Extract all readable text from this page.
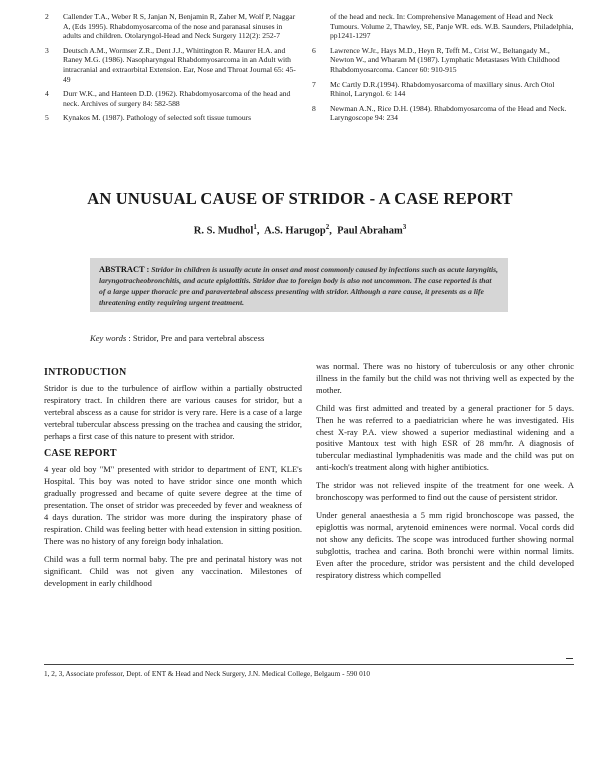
2 Callender T.A., Weber R S, Janjan N, Benjamin R, Zaher M, Wolf P, Naggar A, (Eds 1995). Rhabdomyosarcoma of the nose and paranasal sinuses in adults and children. Otolaryngol-Head and Neck Surgery 112(2): 252-7
3 Deutsch A.M., Wormser Z.R., Dent J.J., Whittington R. Maurer H.A. and Raney M.G. (1986). Nasopharyngeal Rhabdomyosarcoma in an Adult with intracranial and extraorbital Extension. Ear, Nose and Throat Journal 65: 45-49
4 Durr W.K., and Hanteen D.D. (1962). Rhabdomyosarcoma of the head and neck. Archives of surgery 84: 582-588
5 Kynakos M. (1987). Pathology of selected soft tissue tumours
of the head and neck. In: Comprehensive Management of Head and Neck Tumours. Volume 2, Thawley, SE, Panje WR. eds. W.B. Saunders, Philadelphia, pp1241-1297
6 Lawrence W.Jr., Hays M.D., Heyn R, Tefft M., Crist W., Beltangady M., Newton W., and Wharam M (1987). Lymphatic Metastases With Childhood Rhabdomyosarcoma. Cancer 60: 910-915
7 Mc Cartly D.R.(1994). Rhabdomyosarcoma of maxillary sinus. Arch Otol Rhinol, Laryngol. 6: 144
8 Newman A.N., Rice D.H. (1984). Rhabdomyosarcoma of the Head and Neck. Laryngoscope 94: 234
AN UNUSUAL CAUSE OF STRIDOR - A CASE REPORT
R. S. Mudhol$^1$,  A.S. Harugop$^2$,  Paul Abraham$^3$
ABSTRACT : Stridor in children is usually acute in onset and most commonly caused by infections such as acute laryngitis, laryngotracheobronchitis, and acute epiglottitis. Stridor due to foreign body is also not uncommon. The case reported is that of a large upper thoracic pre and paravertebral abscess presenting with stridor. Although a rare cause, it presents as a life threatening entity requiring urgent treatment.
Key words : Stridor, Pre and para vertebral abscess
INTRODUCTION

Stridor is due to the turbulence of airflow within a partially obstructed respiratory tract. In children there are various causes for stridor, but a vertebral abscess as a cause for stridor is very rare. Here is a case of a large vertebral tubercular abscess pressing on the trachea and causing the stridor, perhaps a first case of this nature to present with stridor.

CASE REPORT

4 year old boy "M" presented with stridor to department of ENT, KLE's Hospital. This boy was noted to have stridor since one month which gradually progressed and became of quite severe degree at the time of presentation. The onset of stridor was preceeded by fever and weakness of 4 days duration. The stridor was more during the inspiratory phase of respiration. Child was feeling better with head extension in sitting position. There was no history of any foreign body inhalation.

Child was a full term normal baby. The pre and perinatal history was not significant. Child was not given any vaccination. Milestones of development in early childhood

was normal. There was no history of tuberculosis or any other chronic illness in the family but the child was not thriving well as expected by the mother.

Child was first admitted and treated by a general practioner for 5 days. Then he was referred to a paediatrician where he was investigated. His chest X-ray P.A. view showed a superior mediastinal widening and a positive Mantoux test with high ESR of 28 mm/hr. A diagnosis of tubercular mediastinal lymphadenitis was made and the child was put on anti-koch's treatment along with higher antibiotics.

The stridor was not relieved inspite of the treatment for one week. A bronchoscopy was performed to find out the cause of persistent stridor.

Under general anaesthesia a 5 mm rigid bronchoscope was passed, the epiglottis was normal, arytenoid eminences were normal. Vocal cords did not show any deficits. The scope was introduced further showing normal subglottis, trachea and carina. Both bronchi were within normal limits. Even after the procedure, stridor was persistent and the child developed respiratory distress which compelled

1, 2, 3, Associate professor, Dept. of ENT & Head and Neck Surgery, J.N. Medical College, Belgaum - 590 010
